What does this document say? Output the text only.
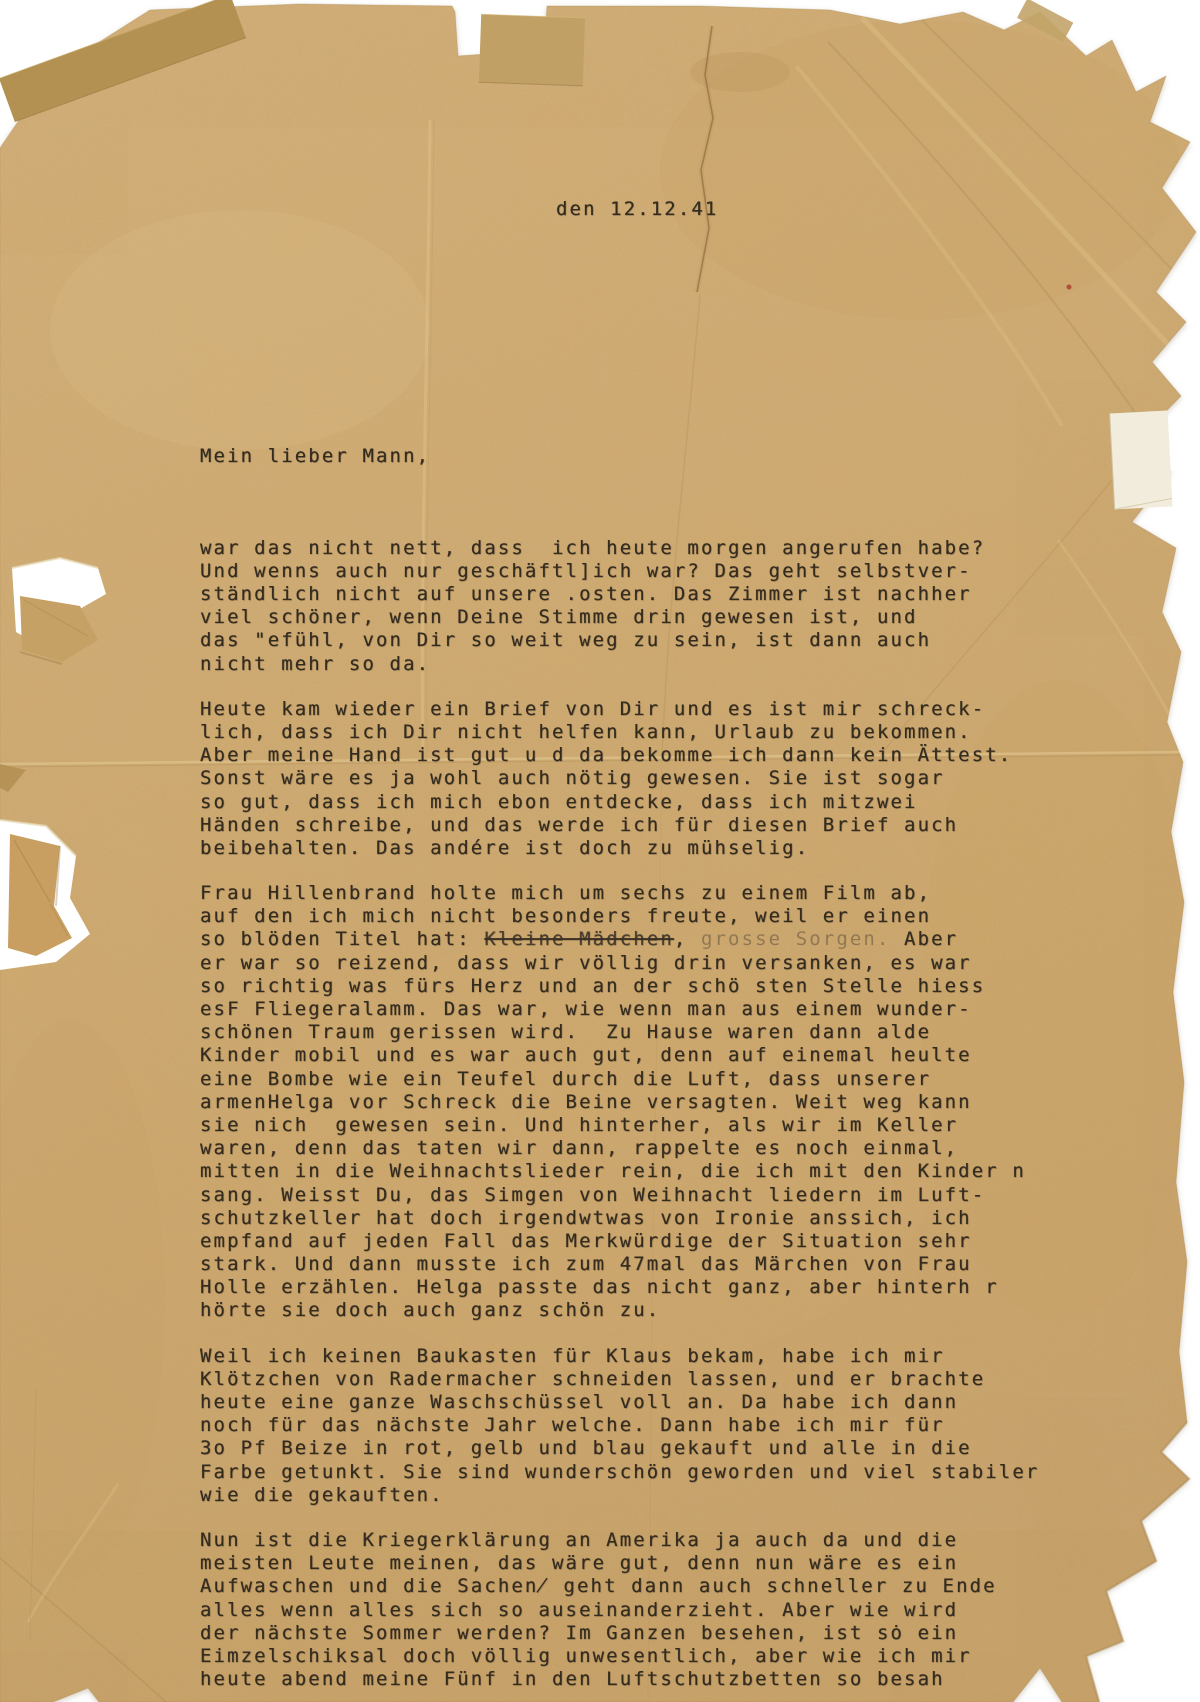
den 12.12.41

Mein lieber Mann,

war das nicht nett, dass  ich heute morgen angerufen habe?
Und wenns auch nur geschäftl]ich war? Das geht selbstver-
ständlich nicht auf unsere .osten. Das Zimmer ist nachher
viel schöner, wenn Deine Stimme drin gewesen ist, und
das "efühl, von Dir so weit weg zu sein, ist dann auch
nicht mehr so da.
Heute kam wieder ein Brief von Dir und es ist mir schreck-
lich, dass ich Dir nicht helfen kann, Urlaub zu bekommen.
Aber meine Hand ist gut u d da bekomme ich dann kein Ättest.
Sonst wäre es ja wohl auch nötig gewesen. Sie ist sogar
so gut, dass ich mich ebon entdecke, dass ich mitzwei
Händen schreibe, und das werde ich für diesen Brief auch
beibehalten. Das andére ist doch zu mühselig.
Frau Hillenbrand holte mich um sechs zu einem Film ab,
auf den ich mich nicht besonders freute, weil er einen
so blöden Titel hat: Kleine Mädchen, grosse Sorgen. Aber
er war so reizend, dass wir völlig drin versanken, es war
so richtig was fürs Herz und an der schö sten Stelle hiess
esF Fliegeralamm. Das war, wie wenn man aus einem wunder-
schönen Traum gerissen wird.  Zu Hause waren dann alde
Kinder mobil und es war auch gut, denn auf einemal heulte
eine Bombe wie ein Teufel durch die Luft, dass unserer
armenHelga vor Schreck die Beine versagten. Weit weg kann
sie nich  gewesen sein. Und hinterher, als wir im Keller
waren, denn das taten wir dann, rappelte es noch einmal,
mitten in die Weihnachtslieder rein, die ich mit den Kinder n
sang. Weisst Du, das Simgen von Weihnacht liedern im Luft-
schutzkeller hat doch irgendwtwas von Ironie anssich, ich
empfand auf jeden Fall das Merkwürdige der Situation sehr
stark. Und dann musste ich zum 47mal das Märchen von Frau
Holle erzählen. Helga passte das nicht ganz, aber hinterh r
hörte sie doch auch ganz schön zu.
Weil ich keinen Baukasten für Klaus bekam, habe ich mir
Klötzchen von Radermacher schneiden lassen, und er brachte
heute eine ganze Waschschüssel voll an. Da habe ich dann
noch für das nächste Jahr welche. Dann habe ich mir für
3o Pf Beize in rot, gelb und blau gekauft und alle in die
Farbe getunkt. Sie sind wunderschön geworden und viel stabiler
wie die gekauften.
Nun ist die Kriegerklärung an Amerika ja auch da und die
meisten Leute meinen, das wäre gut, denn nun wäre es ein
Aufwaschen und die Sachen̸ geht dann auch schneller zu Ende
alles wenn alles sich so auseinanderzieht. Aber wie wird
der nächste Sommer werden? Im Ganzen besehen, ist sȯ ein
Eimzelschiksal doch völlig unwesentlich, aber wie ich mir
heute abend meine Fünf in den Luftschutzbetten so besah
